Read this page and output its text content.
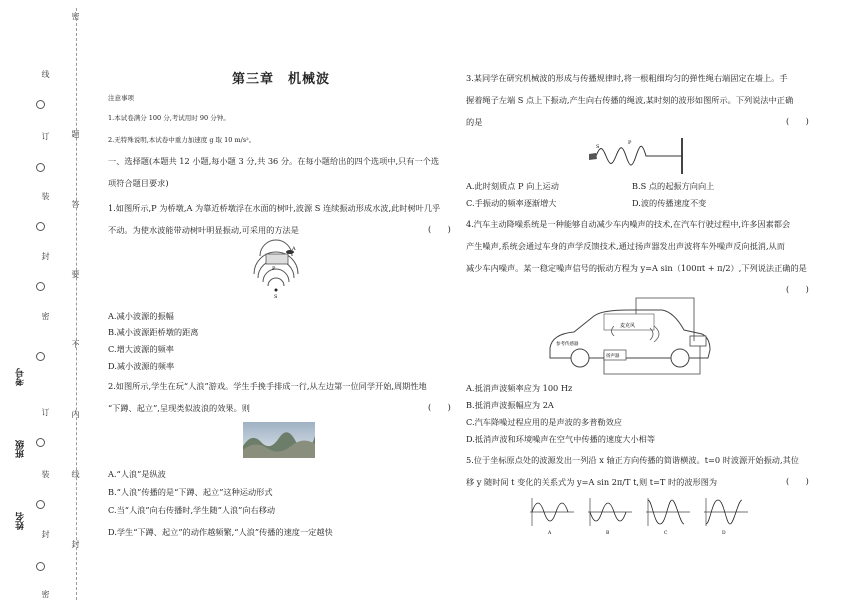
线
订
装
封
密
订
装
封
密
密
题
答
要
不
内
线
封
考号
班级
姓名
第三章　机械波
注意事项
1.本试卷满分 100 分,考试用时 90 分钟。
2.无特殊说明,本试卷中重力加速度 g 取 10 m/s²。
一、选择题(本题共 12 小题,每小题 3 分,共 36 分。在每小题给出的四个选项中,只有一个选
项符合题目要求)
1.如图所示,P 为桥墩,A 为靠近桥墩浮在水面的树叶,波源 S 连续振动形成水波,此时树叶几乎
不动。为使水波能带动树叶明显振动,可采用的方法是	(　　)
A
P
S
A.减小波源的振幅
B.减小波源距桥墩的距离
C.增大波源的频率
D.减小波源的频率
2.如图所示,学生在玩“人浪”游戏。学生手挽手排成一行,从左边第一位同学开始,周期性地
“下蹲、起立”,呈现类似波浪的效果。则	(　　)
A.“人浪”是纵波
B.“人浪”传播的是“下蹲、起立”这种运动形式
C.当“人浪”向右传播时,学生随“人浪”向右移动
D.学生“下蹲、起立”的动作越频繁,“人浪”传播的速度一定越快
3.某同学在研究机械波的形成与传播规律时,将一根粗细均匀的弹性绳右端固定在墙上。手
握着绳子左端 S 点上下振动,产生向右传播的绳波,某时刻的波形如图所示。下列说法中正确
的是	(　　)
S
P
A.此时刻质点 P 向上运动	B.S 点的起振方向向上
C.手振动的频率逐渐增大	D.波的传播速度不变
4.汽车主动降噪系统是一种能够自动减少车内噪声的技术,在汽车行驶过程中,许多因素都会
产生噪声,系统会通过车身的声学反馈技术,通过扬声器发出声波将车外噪声反向抵消,从而
减少车内噪声。某一稳定噪声信号的振动方程为 y=A sin（100πt + π/2）,下列说法正确的是
(　　)
麦克风
参考传感器
扬声器
A.抵消声波频率应为 100 Hz
B.抵消声波振幅应为 2A
C.汽车降噪过程应用的是声波的多普勒效应
D.抵消声波和环境噪声在空气中传播的速度大小相等
5.位于坐标原点处的波源发出一列沿 x 轴正方向传播的简谐横波。t=0 时波源开始振动,其位
移 y 随时间 t 变化的关系式为 y=A sin 2π/T t,则 t=T 时的波形图为	(　　)
A	B	C	D
